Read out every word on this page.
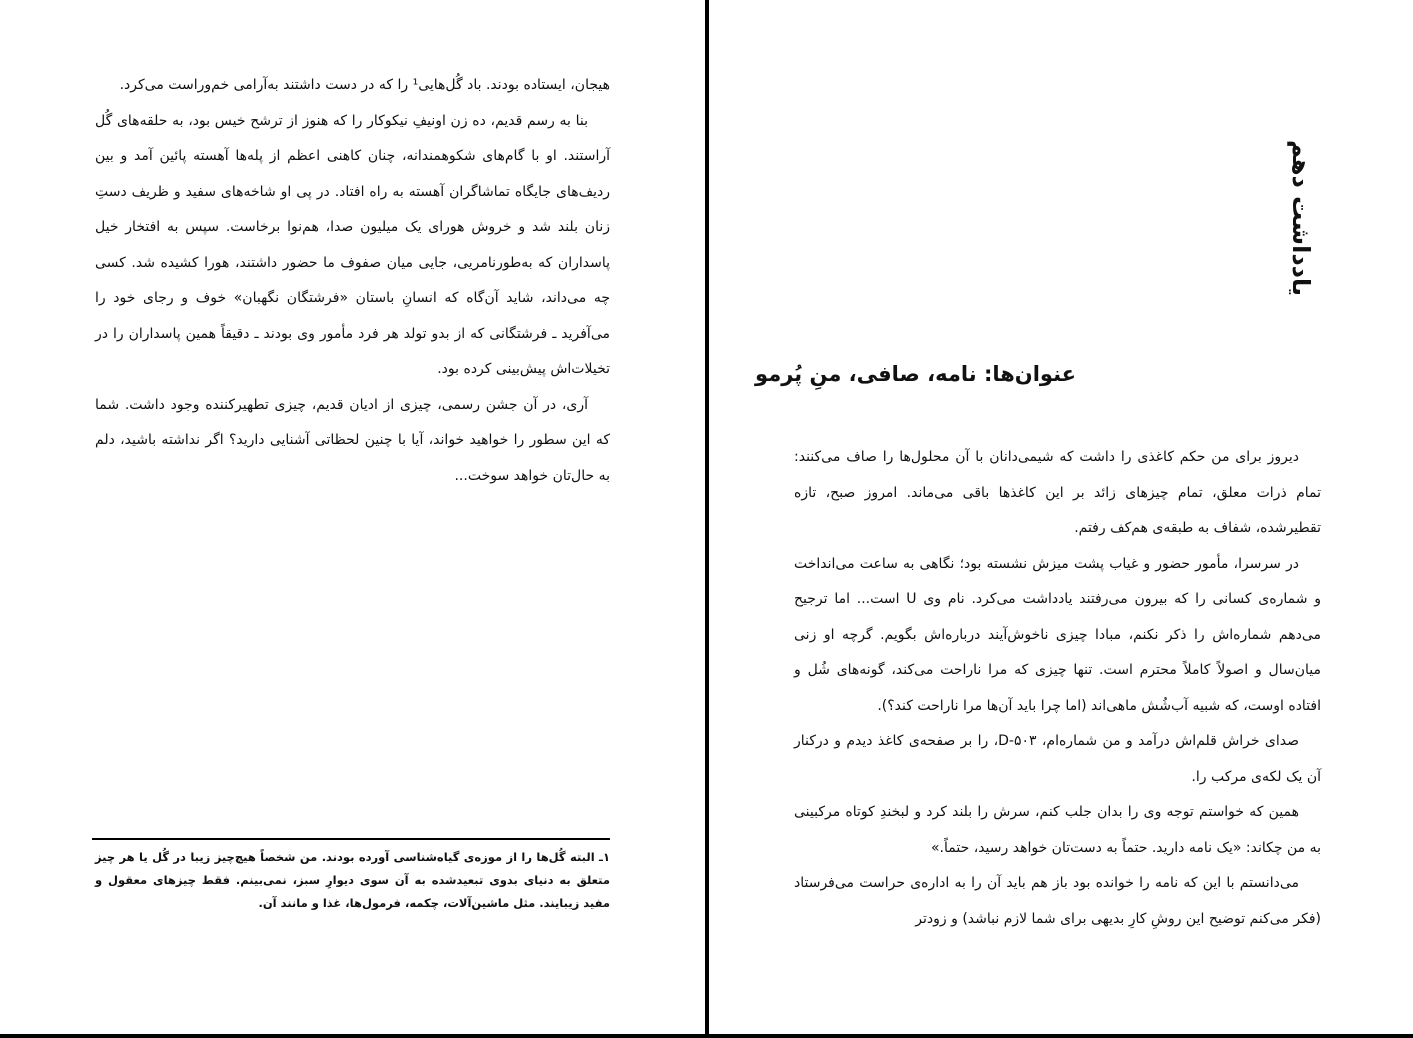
هیجان، ایستاده بودند. باد گُل‌هایی¹ را که در دست داشتند به‌آرامی خم‌وراست می‌کرد.

بنا به رسم قدیم، ده زن اونیفِ نیکوکار را که هنوز از ترشح خیس بود، به حلقه‌های گُل آراستند. او با گام‌های شکوهمندانه، چنان کاهنی اعظم از پله‌ها آهسته پائین آمد و بین ردیف‌های جایگاه تماشاگران آهسته به راه افتاد. در پی او شاخه‌های سفید و ظریف دستِ زنان بلند شد و خروش هورای یک میلیون صدا، هم‌نوا برخاست. سپس به افتخار خیل پاسداران که به‌طورنامریی، جایی میان صفوف ما حضور داشتند، هورا کشیده شد. کسی چه می‌داند، شاید آن‌گاه که انسانِ باستان «فرشتگان نگهبان» خوف و رجای خود را می‌آفرید ـ فرشتگانی که از بدو تولد هر فرد مأمور وی بودند ـ دقیقاً همین پاسداران را در تخیلات‌اش پیش‌بینی کرده بود.

آری، در آن جشن رسمی، چیزی از ادیان قدیم، چیزی تطهیرکننده وجود داشت. شما که این سطور را خواهید خواند، آیا با چنین لحظاتی آشنایی دارید؟ اگر نداشته باشید، دلم به حال‌تان خواهد سوخت...

۱ـ البته گُل‌ها را از موزه‌ی گیاه‌شناسی آورده بودند. من شخصاً هیچ‌چیز زیبا در گُل یا هر چیز متعلق به دنیای بدوی تبعیدشده به آن سوی دیوارِ سبز، نمی‌بینم. فقط چیزهای معقول و مفید زیبایند. مثل ماشین‌آلات، چکمه، فرمول‌ها، غذا و مانند آن.

یادداشت دهم
عنوان‌ها: نامه، صافی، منِ پُرمو

دیروز برای من حکم کاغذی را داشت که شیمی‌دانان با آن محلول‌ها را صاف می‌کنند: تمام ذرات معلق، تمام چیزهای زائد بر این کاغذها باقی می‌ماند. امروز صبح، تازه تقطیرشده، شفاف به طبقه‌ی هم‌کف رفتم.

در سرسرا، مأمور حضور و غیاب پشت میزش نشسته بود؛ نگاهی به ساعت می‌انداخت و شماره‌ی کسانی را که بیرون می‌رفتند یادداشت می‌کرد. نام وی U است... اما ترجیح می‌دهم شماره‌اش را ذکر نکنم، مبادا چیزی ناخوش‌آیند درباره‌اش بگویم. گرچه او زنی میان‌سال و اصولاً کاملاً محترم است. تنها چیزی که مرا ناراحت می‌کند، گونه‌های شُل و افتاده اوست، که شبیه آب‌شُش ماهی‌اند (اما چرا باید آن‌ها مرا ناراحت کند؟).

صدای خراش قلم‌اش درآمد و من شماره‌ام، D-۵۰۳، را بر صفحه‌ی کاغذ دیدم و درکنار آن یک لکه‌ی مرکب را.

همین که خواستم توجه وی را بدان جلب کنم، سرش را بلند کرد و لبخندِ کوتاه مرکبینی به من چکاند: «یک نامه دارید. حتماً به دست‌تان خواهد رسید، حتماً.»

می‌دانستم با این که نامه را خوانده بود باز هم باید آن را به اداره‌ی حراست می‌فرستاد (فکر می‌کنم توضیح این روشِ کارِ بدیهی برای شما لازم نباشد) و زودتر
